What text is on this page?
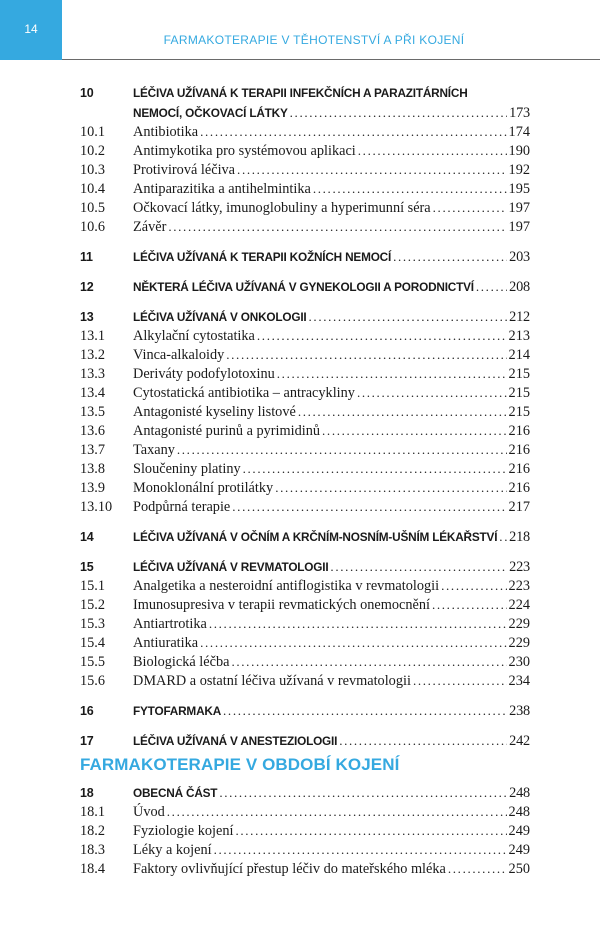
14
FARMAKOTERAPIE V TĚHOTENSTVÍ A PŘI KOJENÍ
10	LÉČIVA UŽÍVANÁ K TERAPII INFEKČNÍCH A PARAZITÁRNÍCH
NEMOCÍ, OČKOVACÍ LÁTKY . . .	173
10.1	Antibiotika . . .	174
10.2	Antimykotika pro systémovou aplikaci . . .	190
10.3	Protivirová léčiva . . .	192
10.4	Antiparazitika a antihelmintika . . .	195
10.5	Očkovací látky, imunoglobuliny a hyperimunní séra . . .	197
10.6	Závěr . . .	197
11	LÉČIVA UŽÍVANÁ K TERAPII KOŽNÍCH NEMOCÍ . . .	203
12	NĚKTERÁ LÉČIVA UŽÍVANÁ V GYNEKOLOGII A PORODNICTVÍ . . . 208
13	LÉČIVA UŽÍVANÁ V ONKOLOGII . . .	212
13.1	Alkylační cytostatika . . .	213
13.2	Vinca-alkaloidy . . .	214
13.3	Deriváty podofylotoxinu . . .	215
13.4	Cytostatická antibiotika – antracykliny . . .	215
13.5	Antagonisté kyseliny listové . . .	215
13.6	Antagonisté purinů a pyrimidinů . . .	216
13.7	Taxany . . .	216
13.8	Sloučeniny platiny . . .	216
13.9	Monoklonální protilátky . . .	216
13.10	Podpůrná terapie . . .	217
14	LÉČIVA UŽÍVANÁ V OČNÍM A KRČNÍM-NOSNÍM-UŠNÍM LÉKAŘSTVÍ . . . 218
15	LÉČIVA UŽÍVANÁ V REVMATOLOGII . . .	223
15.1	Analgetika a nesteroidní antiflogistika v revmatologii . . .	223
15.2	Imunosupresiva v terapii revmatických onemocnění . . .	224
15.3	Antiartrotika . . .	229
15.4	Antiuratika . . .	229
15.5	Biologická léčba . . .	230
15.6	DMARD a ostatní léčiva užívaná v revmatologii . . .	234
16	FYTOFARMAKA . . .	238
17	LÉČIVA UŽÍVANÁ V ANESTEZIOLOGII . . .	242
FARMAKOTERAPIE V OBDOBÍ KOJENÍ
18	OBECNÁ ČÁST . . .	248
18.1	Úvod . . .	248
18.2	Fyziologie kojení . . .	249
18.3	Léky a kojení . . .	249
18.4	Faktory ovlivňující přestup léčiv do mateřského mléka . . .	250
